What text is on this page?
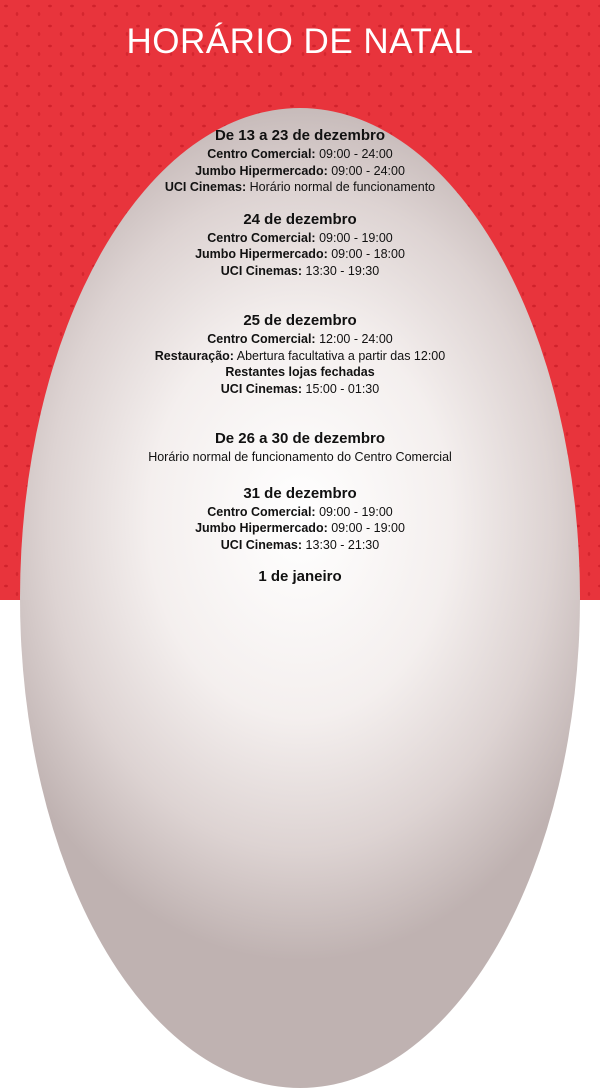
HORÁRIO DE NATAL
De 13 a 23 de dezembro
Centro Comercial: 09:00 - 24:00
Jumbo Hipermercado: 09:00 - 24:00
UCI Cinemas: Horário normal de funcionamento
24 de dezembro
Centro Comercial: 09:00 - 19:00
Jumbo Hipermercado: 09:00 - 18:00
UCI Cinemas: 13:30 - 19:30
25 de dezembro
Centro Comercial: 12:00 - 24:00
Restauração: Abertura facultativa a partir das 12:00
Restantes lojas fechadas
UCI Cinemas: 15:00 - 01:30
De 26 a 30 de dezembro
Horário normal de funcionamento do Centro Comercial
31 de dezembro
Centro Comercial: 09:00 - 19:00
Jumbo Hipermercado: 09:00 - 19:00
UCI Cinemas: 13:30 - 21:30
1 de janeiro
